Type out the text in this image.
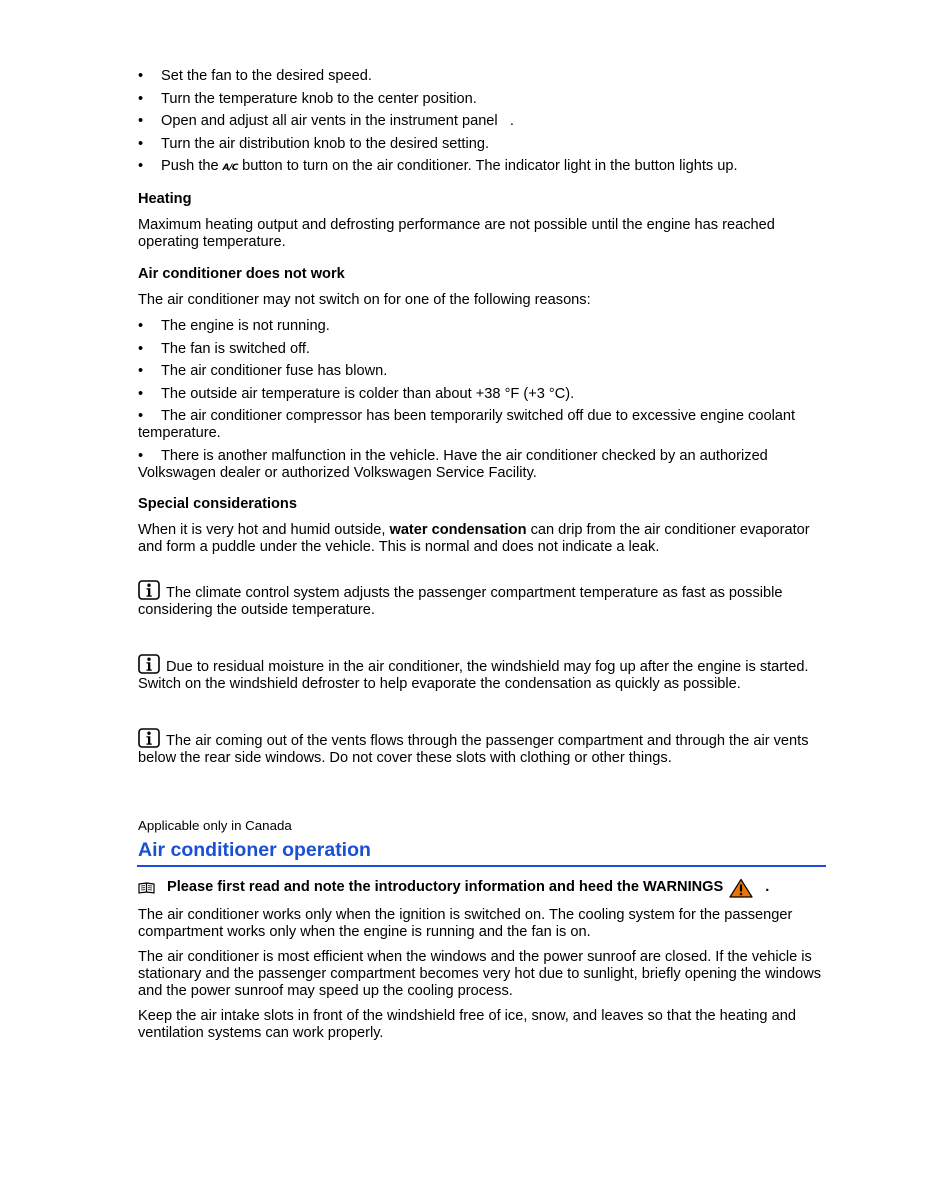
• Set the fan to the desired speed.
• Turn the temperature knob to the center position.
• Open and adjust all air vents in the instrument panel   .
• Turn the air distribution knob to the desired setting.
• Push the A/C button to turn on the air conditioner. The indicator light in the button lights up.
Heating

Maximum heating output and defrosting performance are not possible until the engine has reached operating temperature.

Air conditioner does not work

The air conditioner may not switch on for one of the following reasons:

• The engine is not running.
• The fan is switched off.
• The air conditioner fuse has blown.
• The outside air temperature is colder than about +38 °F (+3 °C).
• The air conditioner compressor has been temporarily switched off due to excessive engine coolant temperature.
• There is another malfunction in the vehicle. Have the air conditioner checked by an authorized Volkswagen dealer or authorized Volkswagen Service Facility.
Special considerations

When it is very hot and humid outside, water condensation can drip from the air conditioner evaporator and form a puddle under the vehicle. This is normal and does not indicate a leak.

The climate control system adjusts the passenger compartment temperature as fast as possible considering the outside temperature.

Due to residual moisture in the air conditioner, the windshield may fog up after the engine is started. Switch on the windshield defroster to help evaporate the condensation as quickly as possible.

The air coming out of the vents flows through the passenger compartment and through the air vents below the rear side windows. Do not cover these slots with clothing or other things.

Applicable only in Canada

Air conditioner operation
Please first read and note the introductory information and heed the WARNINGS	.

The air conditioner works only when the ignition is switched on. The cooling system for the passenger compartment works only when the engine is running and the fan is on.

The air conditioner is most efficient when the windows and the power sunroof are closed. If the vehicle is stationary and the passenger compartment becomes very hot due to sunlight, briefly opening the windows and the power sunroof may speed up the cooling process.

Keep the air intake slots in front of the windshield free of ice, snow, and leaves so that the heating and ventilation systems can work properly.
